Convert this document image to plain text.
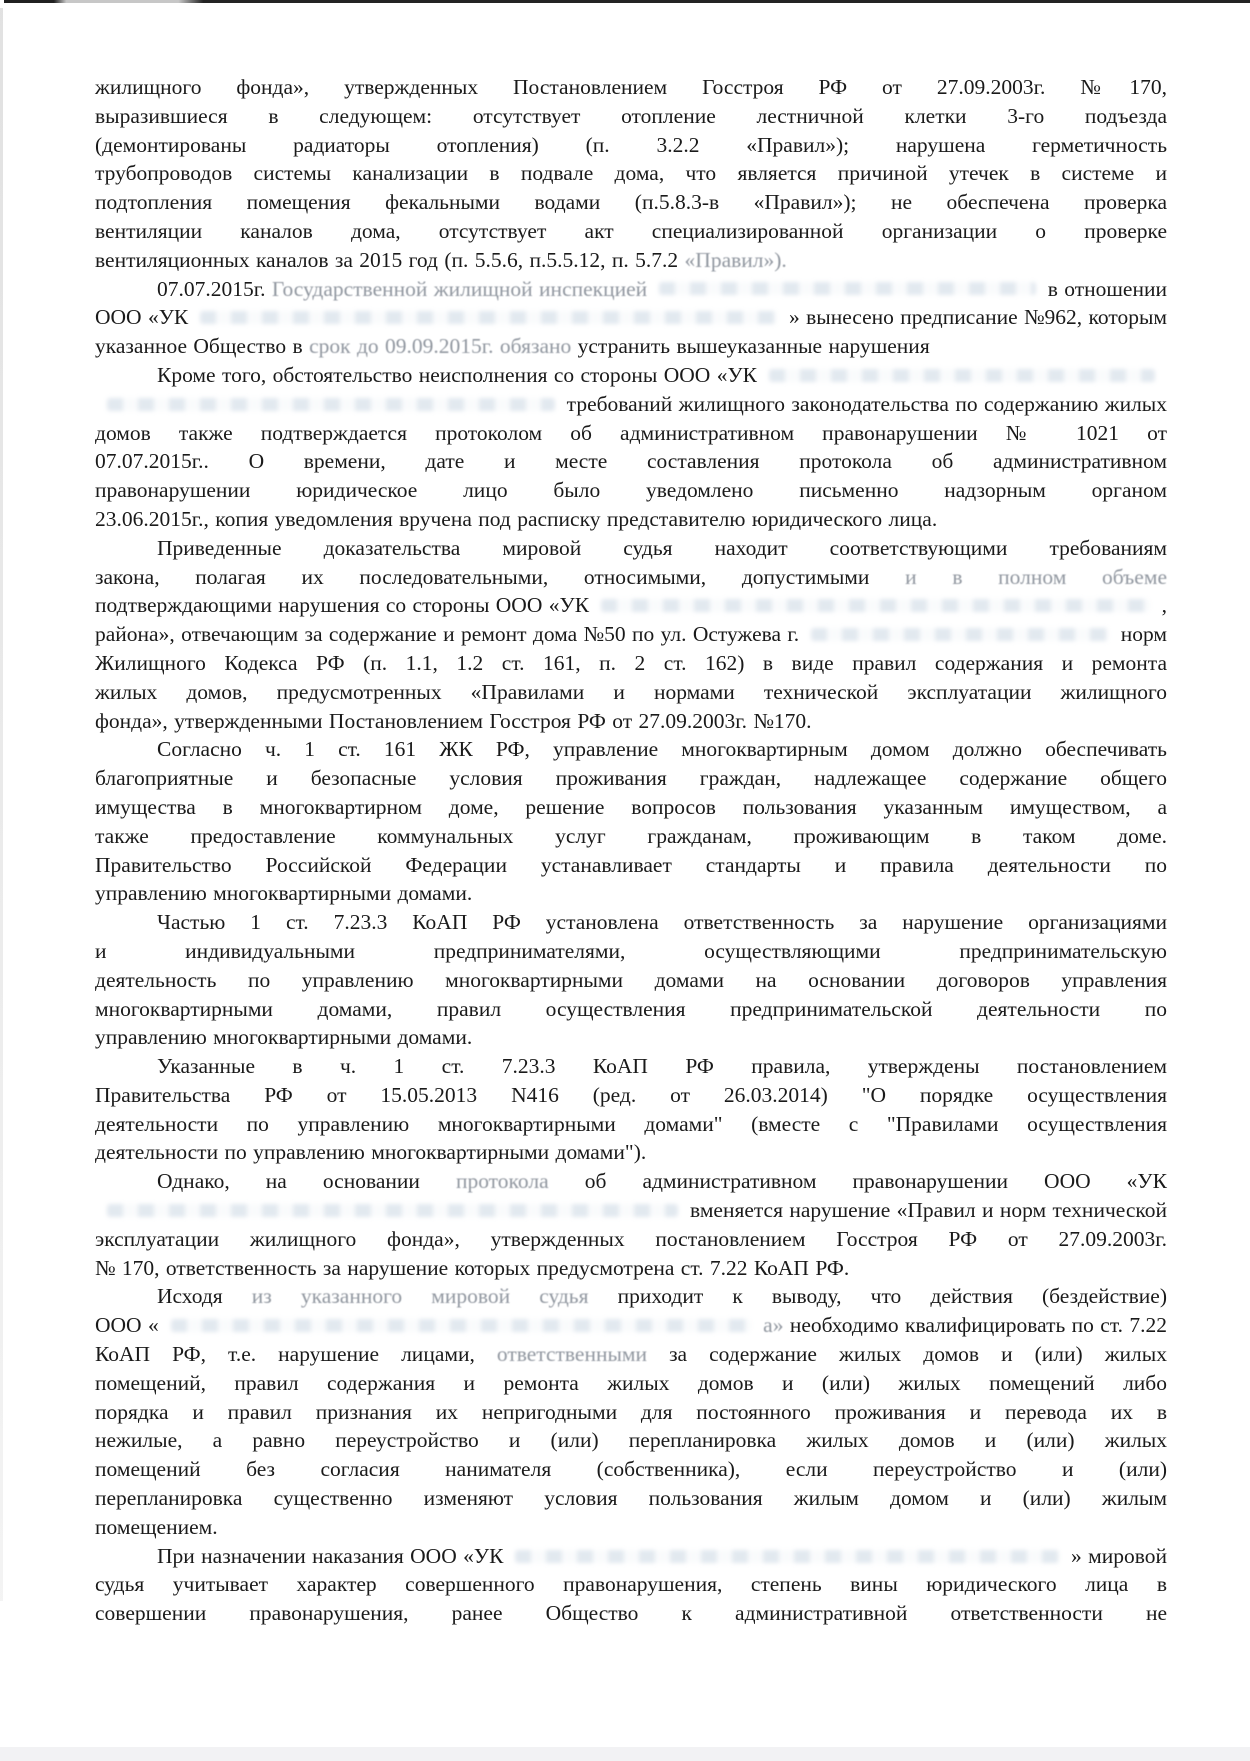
жилищного фонда», утвержденных Постановлением Госстроя РФ от 27.09.2003г. №170,
выразившиеся в следующем: отсутствует отопление лестничной клетки 3-го подъезда
(демонтированы радиаторы отопления) (п. 3.2.2 «Правил»); нарушена герметичность
трубопроводов системы канализации в подвале дома, что является причиной утечек в системе и
подтопления помещения фекальными водами (п.5.8.3-в «Правил»); не обеспечена проверка
вентиляции каналов дома, отсутствует акт специализированной организации о проверке
вентиляционных каналов за 2015 год (п. 5.5.6, п.5.5.12, п. 5.7.2 «Правил»).
07.07.2015г. Государственной жилищной инспекцией	в отношении
ООО «УК	» вынесено предписание №962, которым
указанное Общество в срок до 09.09.2015г. обязано устранить вышеуказанные нарушения
Кроме того, обстоятельство неисполнения со стороны ООО «УК
требований жилищного законодательства по содержанию жилых
домов также подтверждается протоколом об административном правонарушении № 1021 от
07.07.2015г.. О времени, дате и месте составления протокола об административном
правонарушении юридическое лицо было уведомлено письменно надзорным органом
23.06.2015г., копия уведомления вручена под расписку представителю юридического лица.
Приведенные доказательства мировой судья находит соответствующими требованиям
закона, полагая их последовательными, относимыми, допустимыми и в полном объеме
подтверждающими нарушения со стороны ООО «УК	,
района», отвечающим за содержание и ремонт дома №50 по ул. Остужева г.	норм
Жилищного Кодекса РФ (п. 1.1, 1.2 ст. 161, п. 2 ст. 162) в виде правил содержания и ремонта
жилых домов, предусмотренных «Правилами и нормами технической эксплуатации жилищного
фонда», утвержденными Постановлением Госстроя РФ от 27.09.2003г. №170.
Согласно ч. 1 ст. 161 ЖК РФ, управление многоквартирным домом должно обеспечивать
благоприятные и безопасные условия проживания граждан, надлежащее содержание общего
имущества в многоквартирном доме, решение вопросов пользования указанным имуществом, а
также предоставление коммунальных услуг гражданам, проживающим в таком доме.
Правительство Российской Федерации устанавливает стандарты и правила деятельности по
управлению многоквартирными домами.
Частью 1 ст. 7.23.3 КоАП РФ установлена ответственность за нарушение организациями
и индивидуальными предпринимателями, осуществляющими предпринимательскую
деятельность по управлению многоквартирными домами на основании договоров управления
многоквартирными домами, правил осуществления предпринимательской деятельности по
управлению многоквартирными домами.
Указанные в ч. 1 ст. 7.23.3 КоАП РФ правила, утверждены постановлением
Правительства РФ от 15.05.2013 N416 (ред. от 26.03.2014) "О порядке осуществления
деятельности по управлению многоквартирными домами" (вместе с "Правилами осуществления
деятельности по управлению многоквартирными домами").
Однако, на основании протокола об административном правонарушении ООО «УК
вменяется нарушение «Правил и норм технической
эксплуатации жилищного фонда», утвержденных постановлением Госстроя РФ от 27.09.2003г.
№ 170, ответственность за нарушение которых предусмотрена ст. 7.22 КоАП РФ.
Исходя из указанного мировой судья приходит к выводу, что действия (бездействие)
ООО «	а» необходимо квалифицировать по ст. 7.22
КоАП РФ, т.е. нарушение лицами, ответственными за содержание жилых домов и (или) жилых
помещений, правил содержания и ремонта жилых домов и (или) жилых помещений либо
порядка и правил признания их непригодными для постоянного проживания и перевода их в
нежилые, а равно переустройство и (или) перепланировка жилых домов и (или) жилых
помещений без согласия нанимателя (собственника), если переустройство и (или)
перепланировка существенно изменяют условия пользования жилым домом и (или) жилым
помещением.
При назначении наказания ООО «УК	» мировой
судья учитывает характер совершенного правонарушения, степень вины юридического лица в
совершении правонарушения, ранее Общество к административной ответственности не
